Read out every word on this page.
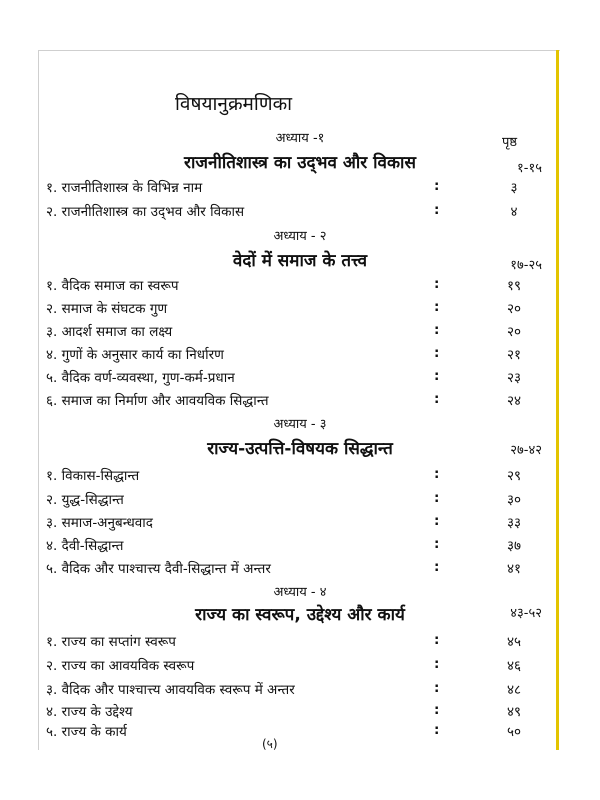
विषयानुक्रमणिका
पृष्ठ
अध्याय -१
राजनीतिशास्त्र का उद्‌भव और विकास	१-१५
१. राजनीतिशास्त्र के विभिन्न नाम	:	३
२. राजनीतिशास्त्र का उद्‌भव और विकास	:	४
अध्याय - २
वेदों में समाज के तत्त्व	१७-२५
१. वैदिक समाज का स्वरूप	:	१९
२. समाज के संघटक गुण	:	२०
३. आदर्श समाज का लक्ष्य	:	२०
४. गुणों के अनुसार कार्य का निर्धारण	:	२१
५. वैदिक वर्ण-व्यवस्था, गुण-कर्म-प्रधान	:	२३
६. समाज का निर्माण और आवयविक सिद्धान्त	:	२४
अध्याय - ३
राज्य-उत्पत्ति-विषयक सिद्धान्त	२७-४२
१. विकास-सिद्धान्त	:	२९
२. युद्ध-सिद्धान्त	:	३०
३. समाज-अनुबन्धवाद	:	३३
४. दैवी-सिद्धान्त	:	३७
५. वैदिक और पाश्चात्त्य दैवी-सिद्धान्त में अन्तर	:	४१
अध्याय - ४
राज्य का स्वरूप, उद्देश्य और कार्य	४३-५२
१. राज्य का सप्तांग स्वरूप	:	४५
२. राज्य का आवयविक स्वरूप	:	४६
३. वैदिक और पाश्चात्त्य आवयविक स्वरूप में अन्तर	:	४८
४. राज्य के उद्देश्य	:	४९
५. राज्य के कार्य	:	५०
(५)
